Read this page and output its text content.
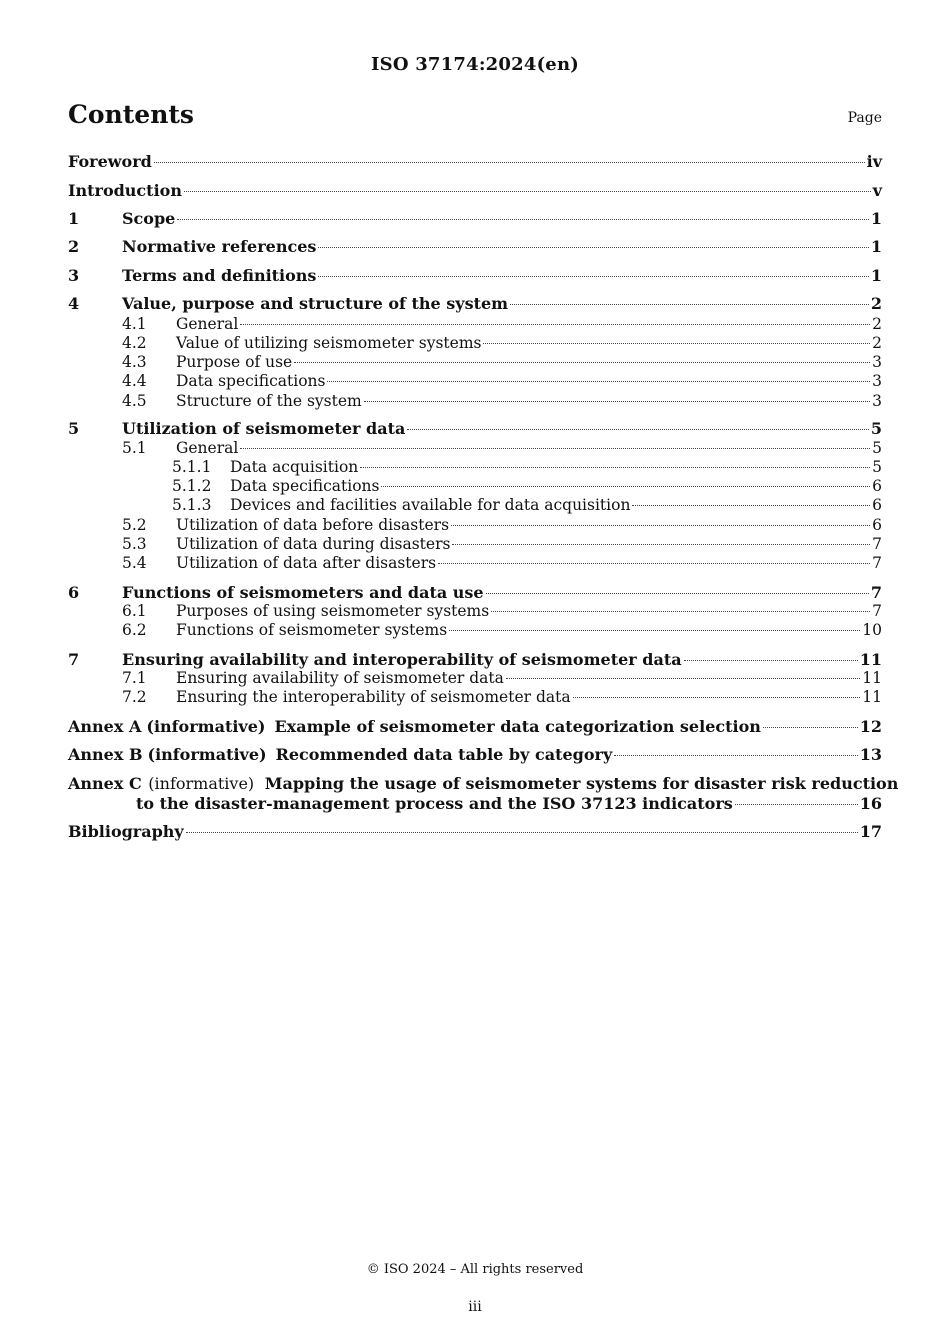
ISO 37174:2024(en)
Contents	Page
Foreword	iv
Introduction	v
1	Scope	1
2	Normative references	1
3	Terms and definitions	1
4	Value, purpose and structure of the system	2
4.1	General	2
4.2	Value of utilizing seismometer systems	2
4.3	Purpose of use	3
4.4	Data specifications	3
4.5	Structure of the system	3
5	Utilization of seismometer data	5
5.1	General	5
5.1.1	Data acquisition	5
5.1.2	Data specifications	6
5.1.3	Devices and facilities available for data acquisition	6
5.2	Utilization of data before disasters	6
5.3	Utilization of data during disasters	7
5.4	Utilization of data after disasters	7
6	Functions of seismometers and data use	7
6.1	Purposes of using seismometer systems	7
6.2	Functions of seismometer systems	10
7	Ensuring availability and interoperability of seismometer data	11
7.1	Ensuring availability of seismometer data	11
7.2	Ensuring the interoperability of seismometer data	11
Annex A (informative) Example of seismometer data categorization selection	12
Annex B (informative) Recommended data table by category	13
Annex C (informative) Mapping the usage of seismometer systems for disaster risk reduction
to the disaster-management process and the ISO 37123 indicators	16
Bibliography	17
© ISO 2024 – All rights reserved
iii
